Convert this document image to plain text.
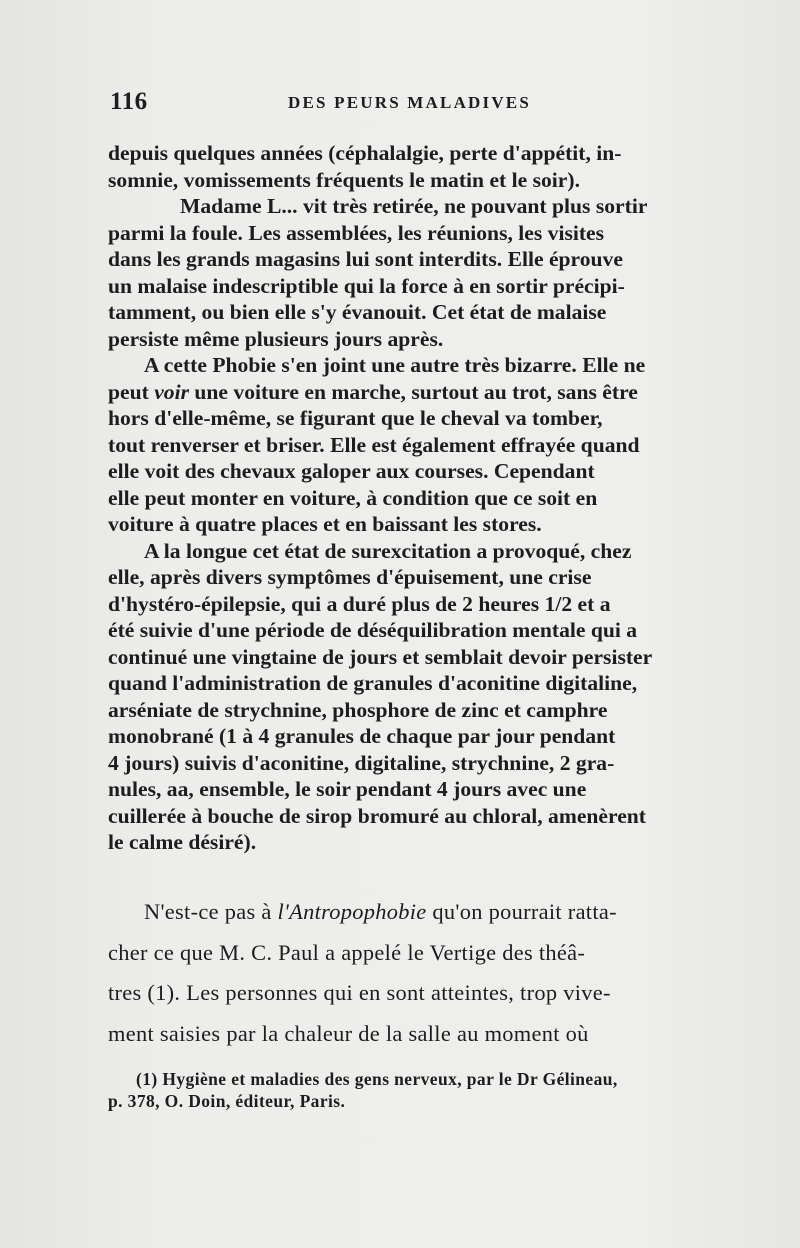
116	DES PEURS MALADIVES
depuis quelques années (céphalalgie, perte d'appétit, in-
somnie, vomissements fréquents le matin et le soir).
Madame L... vit très retirée, ne pouvant plus sortir
parmi la foule. Les assemblées, les réunions, les visites
dans les grands magasins lui sont interdits. Elle éprouve
un malaise indescriptible qui la force à en sortir précipi-
tamment, ou bien elle s'y évanouit. Cet état de malaise
persiste même plusieurs jours après.
A cette Phobie s'en joint une autre très bizarre. Elle ne
peut voir une voiture en marche, surtout au trot, sans être
hors d'elle-même, se figurant que le cheval va tomber,
tout renverser et briser. Elle est également effrayée quand
elle voit des chevaux galoper aux courses. Cependant
elle peut monter en voiture, à condition que ce soit en
voiture à quatre places et en baissant les stores.
A la longue cet état de surexcitation a provoqué, chez
elle, après divers symptômes d'épuisement, une crise
d'hystéro-épilepsie, qui a duré plus de 2 heures 1/2 et a
été suivie d'une période de déséquilibration mentale qui a
continué une vingtaine de jours et semblait devoir persister
quand l'administration de granules d'aconitine digitaline,
arséniate de strychnine, phosphore de zinc et camphre
monobrané (1 à 4 granules de chaque par jour pendant
4 jours) suivis d'aconitine, digitaline, strychnine, 2 gra-
nules, aa, ensemble, le soir pendant 4 jours avec une
cuillerée à bouche de sirop bromuré au chloral, amenèrent
le calme désiré).
N'est-ce pas à l'Antropophobie qu'on pourrait ratta-
cher ce que M. C. Paul a appelé le Vertige des théâ-
tres (1). Les personnes qui en sont atteintes, trop vive-
ment saisies par la chaleur de la salle au moment où
(1) Hygiène et maladies des gens nerveux, par le Dr Gélineau,
p. 378, O. Doin, éditeur, Paris.
